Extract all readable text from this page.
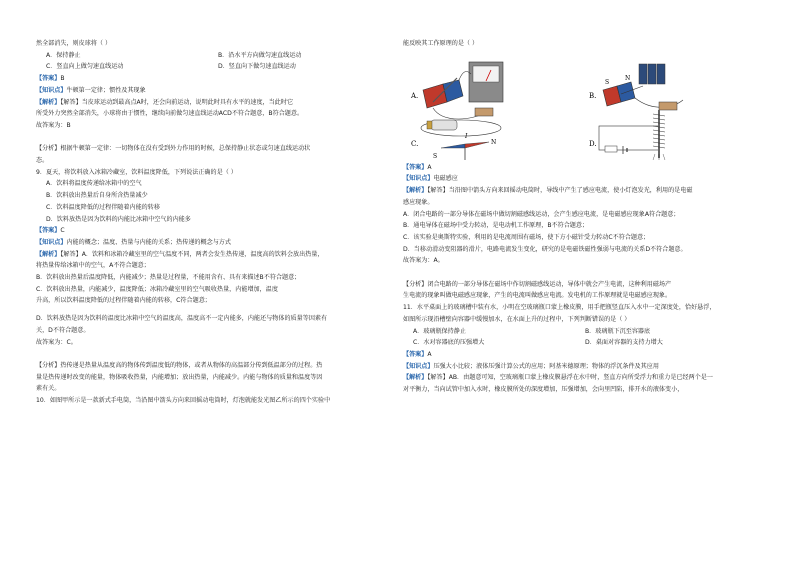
然全部消失，则皮球将（ ）
A．保持静止	B．沿水平方向做匀速直线运动
C．竖直向上做匀速直线运动	D．竖直向下做匀速直线运动
【答案】B
【知识点】牛顿第一定律；惯性及其现象
【解析】【解答】当皮球运动到最高点A时，还会向前运动，说明此时具有水平的速度，当此时它
所受外力突然全部消失，小球将由于惯性，继续向前做匀速直线运动ACD不符合题意，B符合题意。
故答案为：B
【分析】根据牛顿第一定律：一切物体在没有受到外力作用的时候，总保持静止状态或匀速直线运动状
态。
9．夏天，将饮料放入冰箱冷藏室，饮料温度降低，下列说法正确的是（ ）
A．饮料将温度传递给冰箱中的空气
B．饮料放出热量后自身所含热量减少
C．饮料温度降低的过程伴随着内能的转移
D．饮料放热是因为饮料的内能比冰箱中空气的内能多
【答案】C
【知识点】内能的概念；温度、热量与内能的关系；热传递的概念与方式
【解析】【解答】A．饮料和冰箱冷藏室里的空气温度不同，两者会发生热传递，温度高的饮料会放出热量，
将热量传给冰箱中的空气，A不符合题意；
B．饮料放出热量后温度降低，内能减少；热量是过程量，不能用含有、具有来描述B不符合题意；
C．饮料放出热量，内能减少，温度降低；冰箱冷藏室里的空气吸收热量，内能增加，温度
升高，所以饮料温度降低的过程伴随着内能的转移，C符合题意；
D．饮料放热是因为饮料的温度比冰箱中空气的温度高，温度高不一定内能多，内能还与物体的质量等因素有
关，D不符合题意。
故答案为：C。
【分析】热传递是热量从温度高的物体传到温度低的物体，或者从物体的高温部分传到低温部分的过程。热
量是热传递时改变的能量，物体吸收热量，内能增加；放出热量，内能减少。内能与物体的质量和温度等因
素有关。
10．如图甲所示是一款新式手电筒，当沿图中箭头方向来回摇动电筒时，灯泡就能发光图乙所示的四个实验中
能反映其工作原理的是（ ）
A.	B.
S
N
C.
I
S
N	D.
【答案】A
【知识点】电磁感应
【解析】【解答】当沿图中箭头方向来回摇动电筒时，导线中产生了感应电流，使小灯泡发光，利用的是电磁
感应现象。
A．闭合电路的一部分导体在磁场中做切割磁感线运动，会产生感应电流，是电磁感应现象A符合题意；
B．通电导体在磁场中受力转动，是电动机工作原理，B不符合题意；
C．该实验是奥斯特实验，利用的是电流周围有磁场，使下方小磁针受力转动C不符合题意；
D．当移动滑动变阻器的滑片，电路电流发生变化，研究的是电磁铁磁性强弱与电流的关系D不符合题意。
故答案为：A。
【分析】闭合电路的一部分导体在磁场中作切割磁感线运动，导体中就会产生电流，这种利用磁场产
生电流的现象叫做电磁感应现象，产生的电流叫做感应电流。发电机的工作原理就是电磁感应现象。
11．水平桌面上的玻璃槽中装有水，小明在空玻璃瓶口蒙上橡皮膜，用手把瓶竖直压入水中一定深度处，恰好悬浮，
如图所示现沿槽壁向容器中缓慢加水，在水面上升的过程中，下列判断错误的是（ ）
A．玻璃瓶保持静止	B．玻璃瓶下沉至容器底
C．水对容器底的压强增大	D．桌面对容器的支持力增大
【答案】A
【知识点】压强大小比较；液体压强计算公式的应用；阿基米德原理；物体的浮沉条件及其应用
【解析】【解答】AB．由题意可知，空玻璃瓶口蒙上橡皮膜悬浮在水中时，竖直方向所受浮力和重力是已经两个是一
对平衡力，当向试管中加入水时，橡皮膜所处的深度增加，压强增加，会向里凹陷，排开水的液体变小，
